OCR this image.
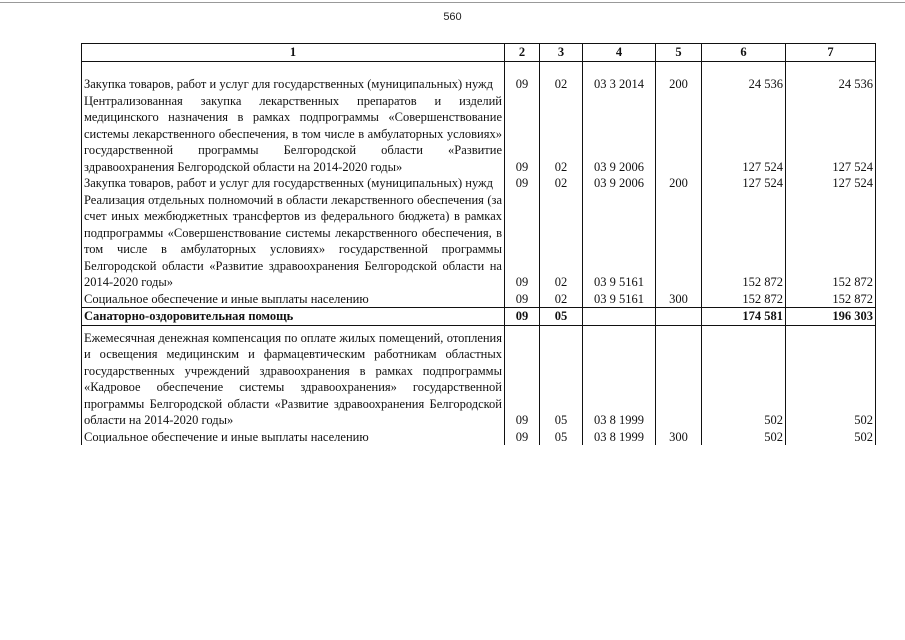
560
1	2	3	4	5	6	7

Закупка товаров, работ и услуг для государственных (муниципальных) нужд	09	02	03 3 2014	200	24 536	24 536
Централизованная закупка лекарственных препаратов и изделий медицинского назначения в рамках подпрограммы «Совершенствование системы лекарственного обеспечения, в том числе в амбулаторных условиях» государственной программы Белгородской области «Развитие здравоохранения Белгородской области на 2014-2020 годы»	09	02	03 9 2006		127 524	127 524
Закупка товаров, работ и услуг для государственных (муниципальных) нужд	09	02	03 9 2006	200	127 524	127 524
Реализация отдельных полномочий в области лекарственного обеспечения (за счет иных межбюджетных трансфертов из федерального бюджета) в рамках подпрограммы «Совершенствование системы лекарственного обеспечения, в том числе в амбулаторных условиях» государственной программы Белгородской области «Развитие здравоохранения Белгородской области на 2014-2020 годы»	09	02	03 9 5161		152 872	152 872
Социальное обеспечение и иные выплаты населению	09	02	03 9 5161	300	152 872	152 872
Санаторно-оздоровительная помощь	09	05			174 581	196 303
Ежемесячная денежная компенсация по оплате жилых помещений, отопления и освещения медицинским и фармацевтическим работникам областных государственных учреждений здравоохранения в рамках подпрограммы «Кадровое обеспечение системы здравоохранения» государственной программы Белгородской области «Развитие здравоохранения Белгородской области на 2014-2020 годы»	09	05	03 8 1999		502	502
Социальное обеспечение и иные выплаты населению	09	05	03 8 1999	300	502	502
